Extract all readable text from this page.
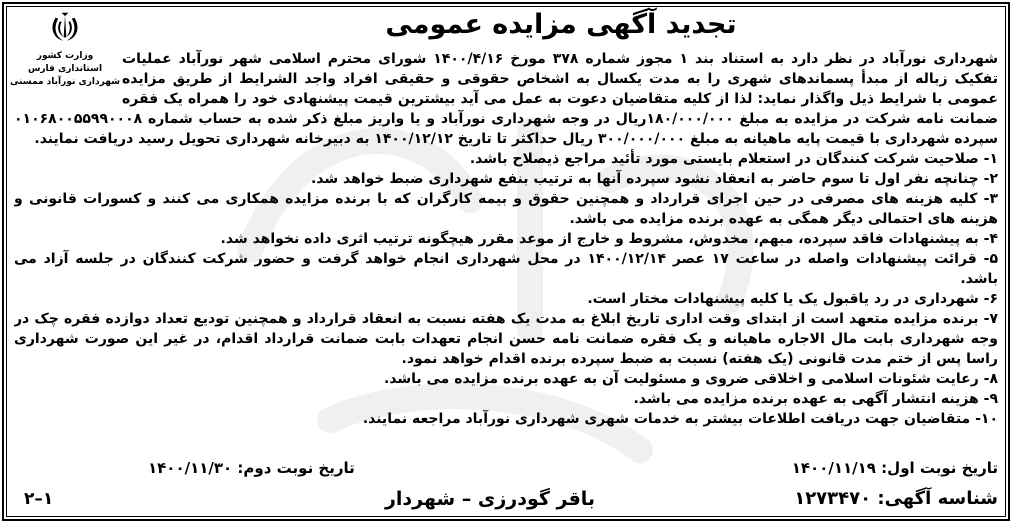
وزارت کشور
استانداری فارس
شهرداری نورآباد ممسنی
تجدید آگهی مزایده عمومی

شهرداری نورآباد در نظر دارد به استناد بند ۱ مجوز شماره ۳۷۸ مورخ ۱۴۰۰/۴/۱۶ شورای محترم اسلامی شهر نورآباد عملیات تفکیک زباله از مبدأ پسماندهای شهری را به مدت یکسال به اشخاص حقوقی و حقیقی افراد واجد الشرایط از طریق مزایده عمومی با شرایط ذیل واگذار نماید: لذا از کلیه متقاضیان دعوت به عمل می آید بیشترین قیمت پیشنهادی خود را همراه یک فقره ضمانت نامه شرکت در مزایده به مبلغ ۱۸۰/۰۰۰/۰۰۰ریال در وجه شهرداری نورآباد و یا واریز مبلغ ذکر شده به حساب شماره ۰۱۰۶۸۰۰۵۵۹۹۰۰۰۸ سپرده شهرداری با قیمت پایه ماهیانه به مبلغ ۳۰۰/۰۰۰/۰۰۰ ریال حداکثر تا تاریخ ۱۴۰۰/۱۲/۱۲ به دبیرخانه شهرداری تحویل رسید دریافت نمایند.

۱- صلاحیت شرکت کنندگان در استعلام بایستی مورد تأئید مراجع ذیصلاح باشد.

۲- چنانچه نفر اول تا سوم حاضر به انعقاد نشود سپرده آنها به ترتیب بنفع شهرداری ضبط خواهد شد.

۳- کلیه هزینه های مصرفی در حین اجرای قرارداد و همچنین حقوق و بیمه کارگران که با برنده مزایده همکاری می کنند و کسورات قانونی و هزینه های احتمالی دیگر همگی به عهده برنده مزایده می باشد.

۴- به پیشنهادات فاقد سپرده، مبهم، مخدوش، مشروط و خارج از موعد مقرر هیچگونه ترتیب اثری داده نخواهد شد.

۵- قرائت پیشنهادات واصله در ساعت ۱۷ عصر ۱۴۰۰/۱۲/۱۴ در محل شهرداری انجام خواهد گرفت و حضور شرکت کنندگان در جلسه آزاد می باشد.

۶- شهرداری در رد یاقبول یک یا کلیه پیشنهادات مختار است.

۷- برنده مزایده متعهد است از ابتدای وقت اداری تاریخ ابلاغ به مدت یک هفته نسبت به انعقاد قرارداد و همچنین تودیع تعداد دوازده فقره چک در وجه شهرداری بابت مال الاجاره ماهیانه و یک فقره ضمانت نامه حسن انجام تعهدات بابت ضمانت قرارداد اقدام، در غیر این صورت شهرداری راسا پس از ختم مدت قانونی (یک هفته) نسبت به ضبط سپرده برنده اقدام خواهد نمود.

۸- رعایت شئونات اسلامی و اخلاقی ضروی و مسئولیت آن به عهده برنده مزایده می باشد.

۹- هزینه انتشار آگهی به عهده برنده مزایده می باشد.

۱۰- متقاضیان جهت دریافت اطلاعات بیشتر به خدمات شهری شهرداری نورآباد مراجعه نمایند.

تاریخ نوبت اول: ۱۴۰۰/۱۱/۱۹
تاریخ نوبت دوم: ۱۴۰۰/۱۱/۳۰
شناسه آگهی: ۱۲۷۳۴۷۰
باقر گودرزی – شهردار
۱–۲
